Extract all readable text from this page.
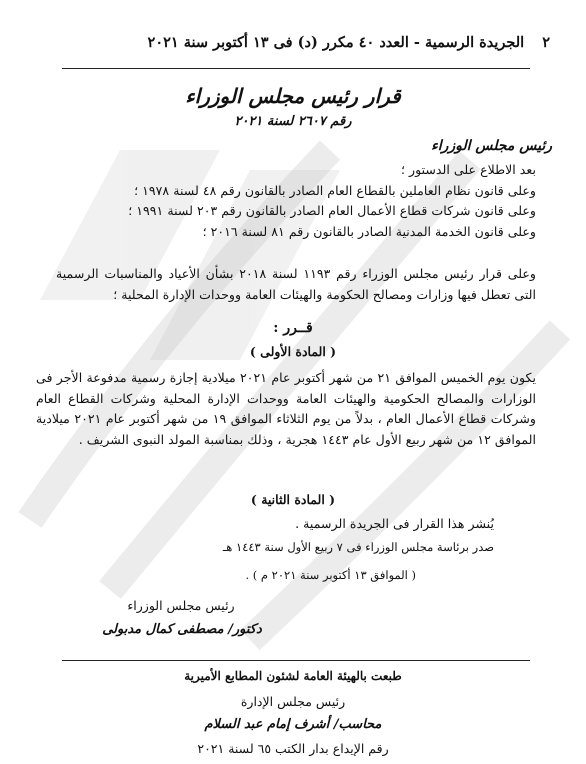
٢
الجريدة الرسمية - العدد ٤٠ مكرر (د) فى ١٣ أكتوبر سنة ٢٠٢١
قرار رئيس مجلس الوزراء
رقم ٢٦٠٧ لسنة ٢٠٢١
رئيس مجلس الوزراء
بعد الاطلاع على الدستور ؛
وعلى قانون نظام العاملين بالقطاع العام الصادر بالقانون رقم ٤٨ لسنة ١٩٧٨ ؛
وعلى قانون شركات قطاع الأعمال العام الصادر بالقانون رقم ٢٠٣ لسنة ١٩٩١ ؛
وعلى قانون الخدمة المدنية الصادر بالقانون رقم ٨١ لسنة ٢٠١٦ ؛
وعلى قرار رئيس مجلس الوزراء رقم ١١٩٣ لسنة ٢٠١٨ بشأن الأعياد والمناسبات الرسمية التى تعطل فيها وزارات ومصالح الحكومة والهيئات العامة ووحدات الإدارة المحلية ؛
قــرر :
( المادة الأولى )
يكون يوم الخميس الموافق ٢١ من شهر أكتوبر عام ٢٠٢١ ميلادية إجازة رسمية مدفوعة الأجر فى الوزارات والمصالح الحكومية والهيئات العامة ووحدات الإدارة المحلية وشركات القطاع العام وشركات قطاع الأعمال العام ، بدلاً من يوم الثلاثاء الموافق ١٩ من شهر أكتوبر عام ٢٠٢١ ميلادية الموافق ١٢ من شهر ربيع الأول عام ١٤٤٣ هجرية ، وذلك بمناسبة المولد النبوى الشريف .
( المادة الثانية )
يُنشر هذا القرار فى الجريدة الرسمية .
صدر برئاسة مجلس الوزراء فى ٧ ربيع الأول سنة ١٤٤٣ هـ
( الموافق ١٣ أكتوبر سنة ٢٠٢١ م ) .
رئيس مجلس الوزراء
دكتور/ مصطفى كمال مدبولى
طبعت بالهيئة العامة لشئون المطابع الأميرية
رئيس مجلس الإدارة
محاسب/ أشرف إمام عبد السلام
رقم الإيداع بدار الكتب ٦٥ لسنة ٢٠٢١
